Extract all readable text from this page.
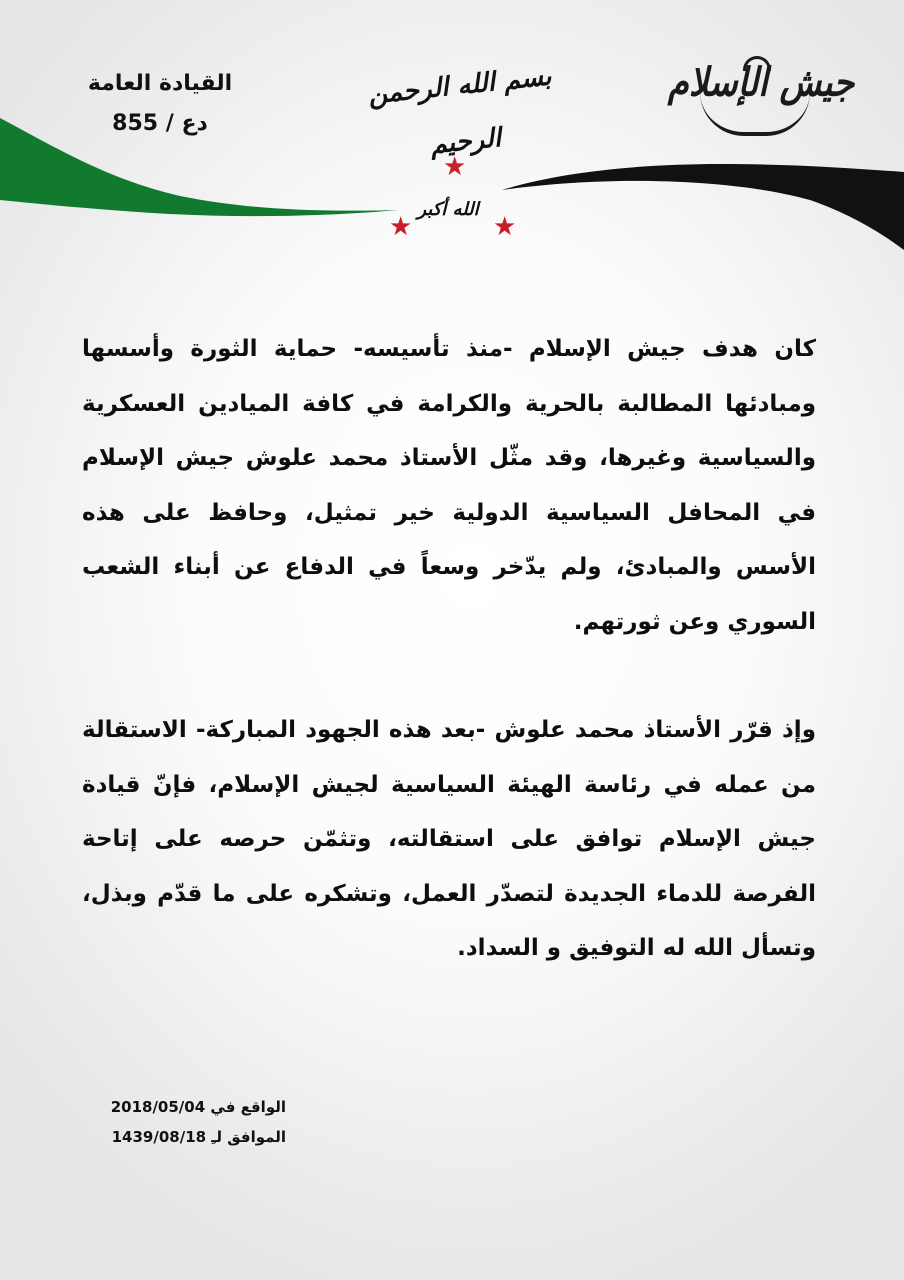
القيادة العامة
دع / 855
جيش الإسلام
بسم الله الرحمن الرحيم
★
★	★
الله أكبر

كان هدف جيش الإسلام -منذ تأسيسه- حماية الثورة وأسسها ومبادئها المطالبة بالحرية والكرامة في كافة الميادين العسكرية والسياسية وغيرها، وقد مثّل الأستاذ محمد علوش جيش الإسلام في المحافل السياسية الدولية خير تمثيل، وحافظ على هذه الأسس والمبادئ، ولم يدّخر وسعاً في الدفاع عن أبناء الشعب السوري وعن ثورتهم.

وإذ قرّر الأستاذ محمد علوش -بعد هذه الجهود المباركة- الاستقالة من عمله في رئاسة الهيئة السياسية لجيش الإسلام، فإنّ قيادة جيش الإسلام توافق على استقالته، وتثمّن حرصه على إتاحة الفرصة للدماء الجديدة لتصدّر العمل، وتشكره على ما قدّم وبذل، وتسأل الله له التوفيق و السداد.

الواقع في 2018/05/04
الموافق لـِ 1439/08/18
